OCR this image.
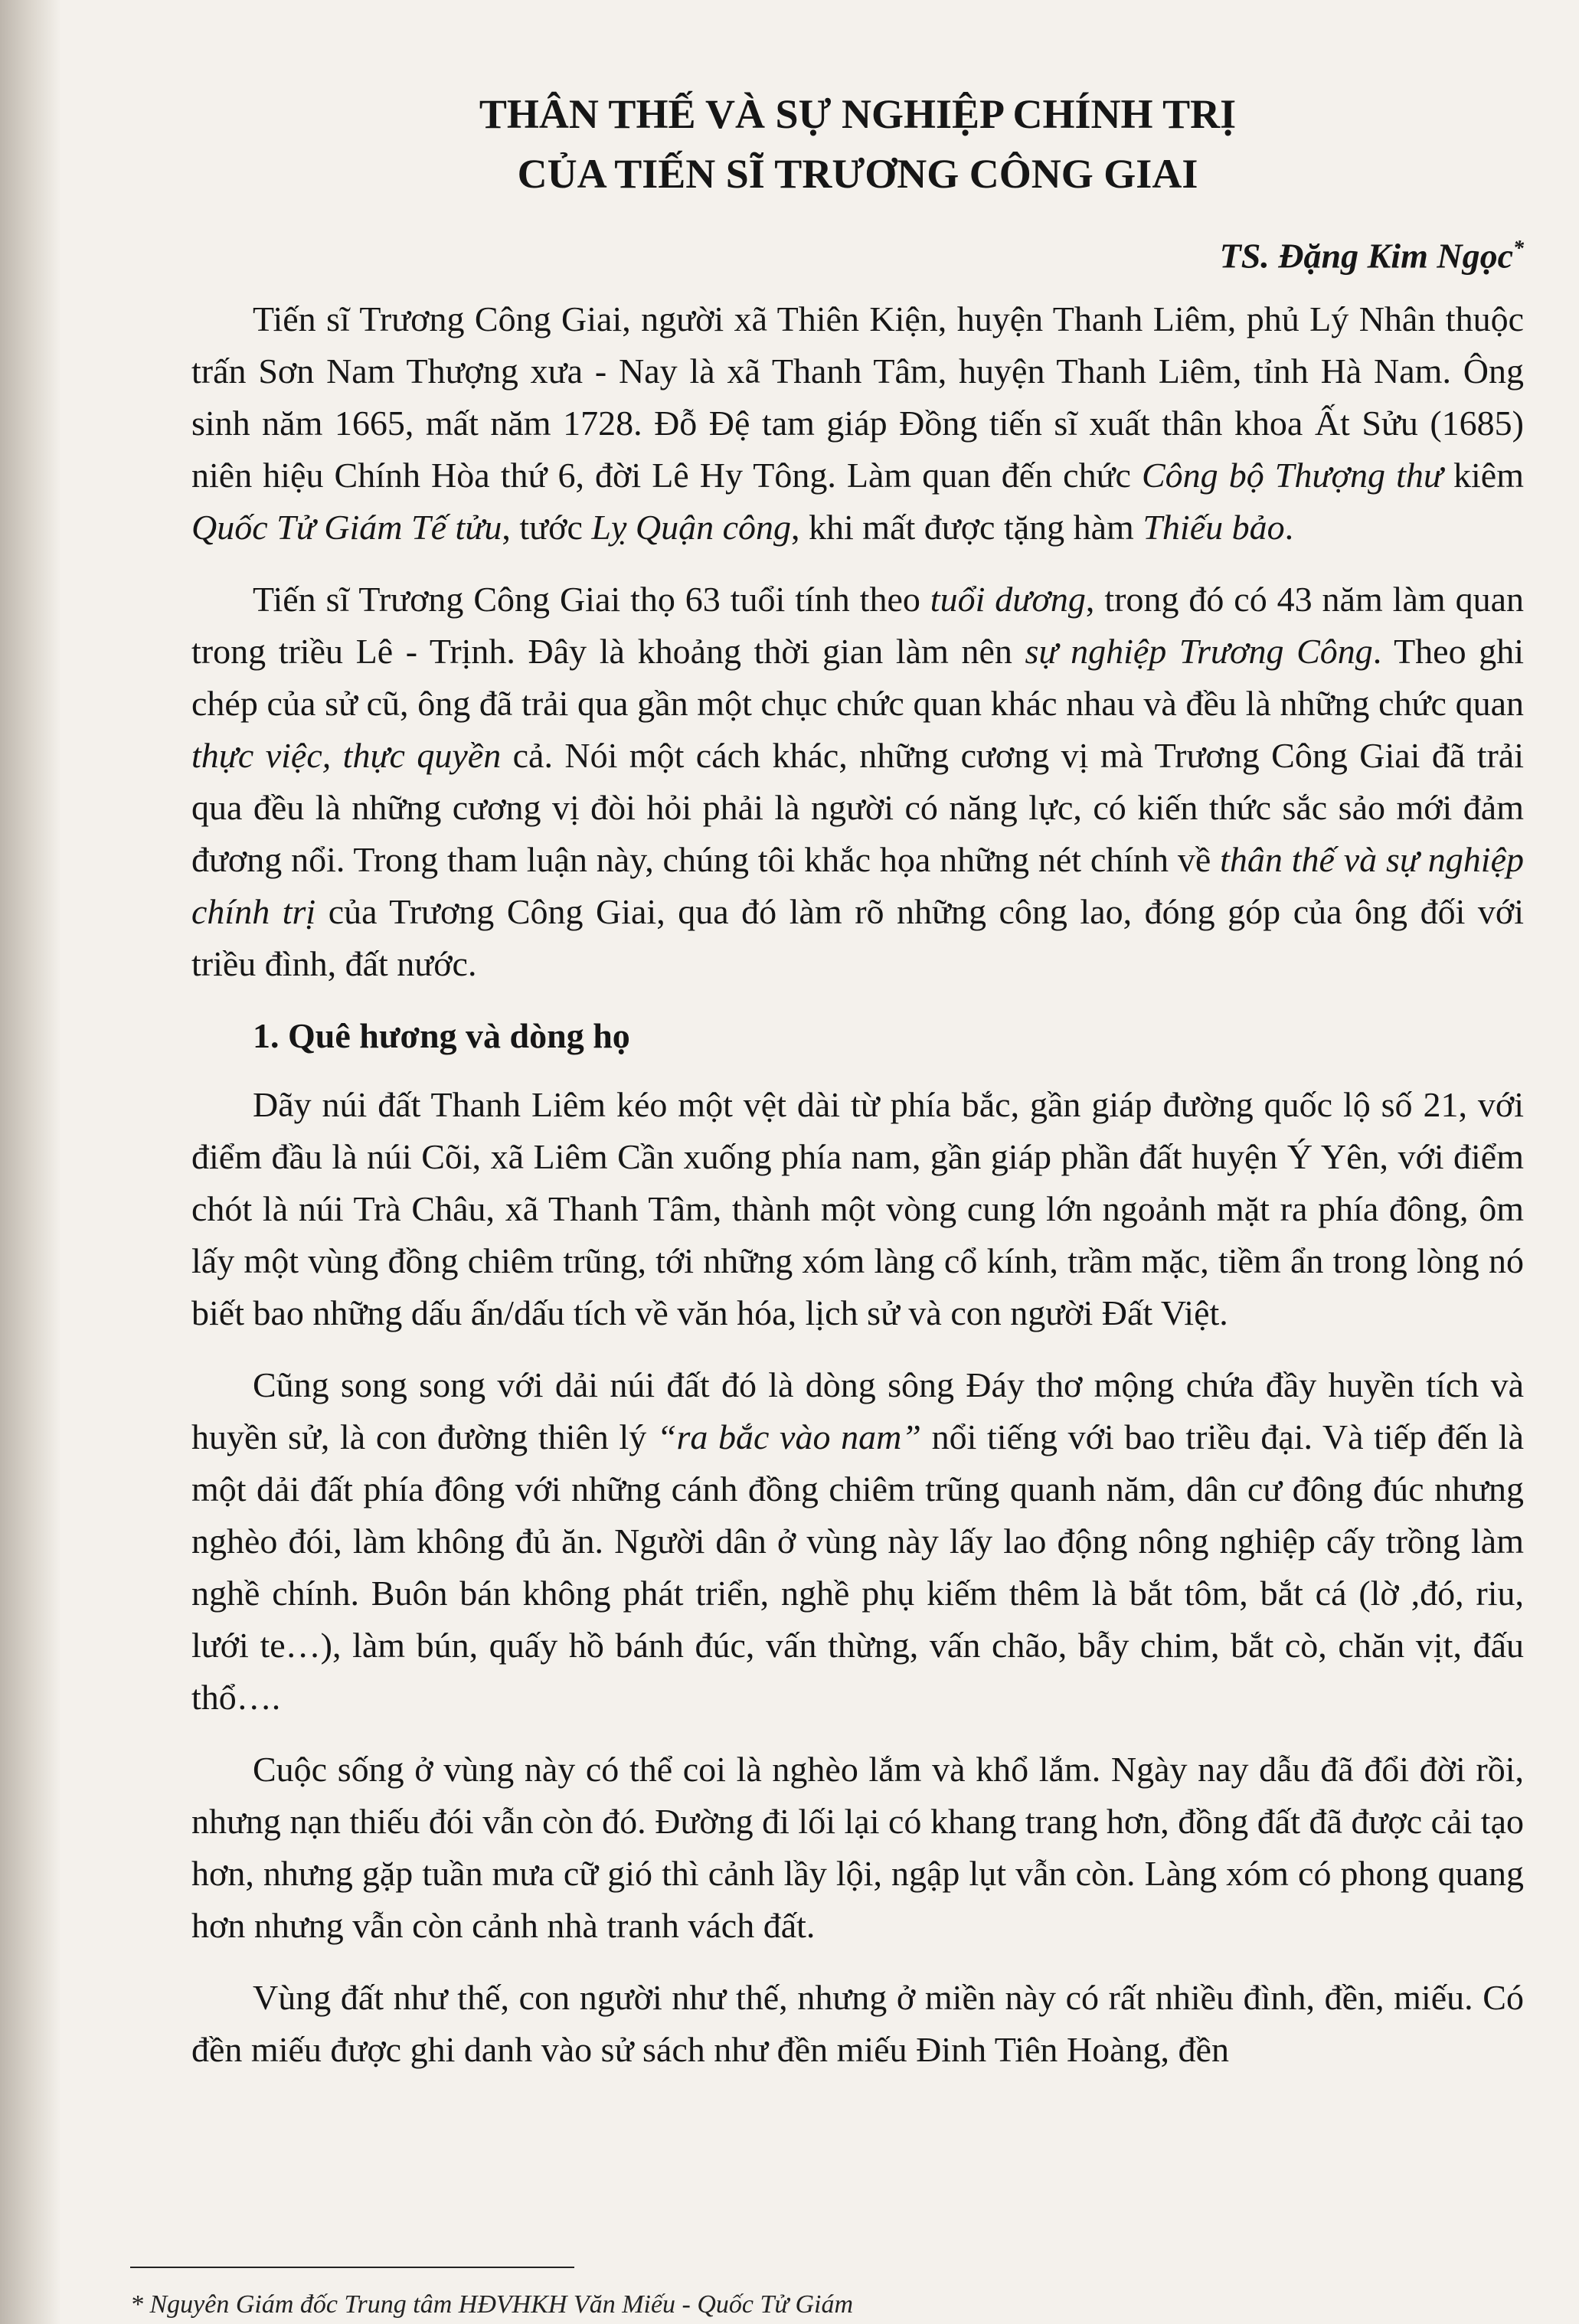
THÂN THẾ VÀ SỰ NGHIỆP CHÍNH TRỊ
CỦA TIẾN SĨ TRƯƠNG CÔNG GIAI

TS. Đặng Kim Ngọc*

Tiến sĩ Trương Công Giai, người xã Thiên Kiện, huyện Thanh Liêm, phủ Lý Nhân thuộc trấn Sơn Nam Thượng xưa - Nay là xã Thanh Tâm, huyện Thanh Liêm, tỉnh Hà Nam. Ông sinh năm 1665, mất năm 1728. Đỗ Đệ tam giáp Đồng tiến sĩ xuất thân khoa Ất Sửu (1685) niên hiệu Chính Hòa thứ 6, đời Lê Hy Tông. Làm quan đến chức Công bộ Thượng thư kiêm Quốc Tử Giám Tế tửu, tước Lỵ Quận công, khi mất được tặng hàm Thiếu bảo.

Tiến sĩ Trương Công Giai thọ 63 tuổi tính theo tuổi dương, trong đó có 43 năm làm quan trong triều Lê - Trịnh. Đây là khoảng thời gian làm nên sự nghiệp Trương Công. Theo ghi chép của sử cũ, ông đã trải qua gần một chục chức quan khác nhau và đều là những chức quan thực việc, thực quyền cả. Nói một cách khác, những cương vị mà Trương Công Giai đã trải qua đều là những cương vị đòi hỏi phải là người có năng lực, có kiến thức sắc sảo mới đảm đương nổi. Trong tham luận này, chúng tôi khắc họa những nét chính về thân thế và sự nghiệp chính trị của Trương Công Giai, qua đó làm rõ những công lao, đóng góp của ông đối với triều đình, đất nước.

1. Quê hương và dòng họ

Dãy núi đất Thanh Liêm kéo một vệt dài từ phía bắc, gần giáp đường quốc lộ số 21, với điểm đầu là núi Cõi, xã Liêm Cần xuống phía nam, gần giáp phần đất huyện Ý Yên, với điểm chót là núi Trà Châu, xã Thanh Tâm, thành một vòng cung lớn ngoảnh mặt ra phía đông, ôm lấy một vùng đồng chiêm trũng, tới những xóm làng cổ kính, trầm mặc, tiềm ẩn trong lòng nó biết bao những dấu ấn/dấu tích về văn hóa, lịch sử và con người Đất Việt.

Cũng song song với dải núi đất đó là dòng sông Đáy thơ mộng chứa đầy huyền tích và huyền sử, là con đường thiên lý “ra bắc vào nam” nổi tiếng với bao triều đại. Và tiếp đến là một dải đất phía đông với những cánh đồng chiêm trũng quanh năm, dân cư đông đúc nhưng nghèo đói, làm không đủ ăn. Người dân ở vùng này lấy lao động nông nghiệp cấy trồng làm nghề chính. Buôn bán không phát triển, nghề phụ kiếm thêm là bắt tôm, bắt cá (lờ ,đó, riu, lưới te…), làm bún, quấy hồ bánh đúc, vấn thừng, vấn chão, bẫy chim, bắt cò, chăn vịt, đấu thổ….

Cuộc sống ở vùng này có thể coi là nghèo lắm và khổ lắm. Ngày nay dẫu đã đổi đời rồi, nhưng nạn thiếu đói vẫn còn đó. Đường đi lối lại có khang trang hơn, đồng đất đã được cải tạo hơn, nhưng gặp tuần mưa cữ gió thì cảnh lầy lội, ngập lụt vẫn còn. Làng xóm có phong quang hơn nhưng vẫn còn cảnh nhà tranh vách đất.

Vùng đất như thế, con người như thế, nhưng ở miền này có rất nhiều đình, đền, miếu. Có đền miếu được ghi danh vào sử sách như đền miếu Đinh Tiên Hoàng, đền

* Nguyên Giám đốc Trung tâm HĐVHKH Văn Miếu - Quốc Tử Giám
